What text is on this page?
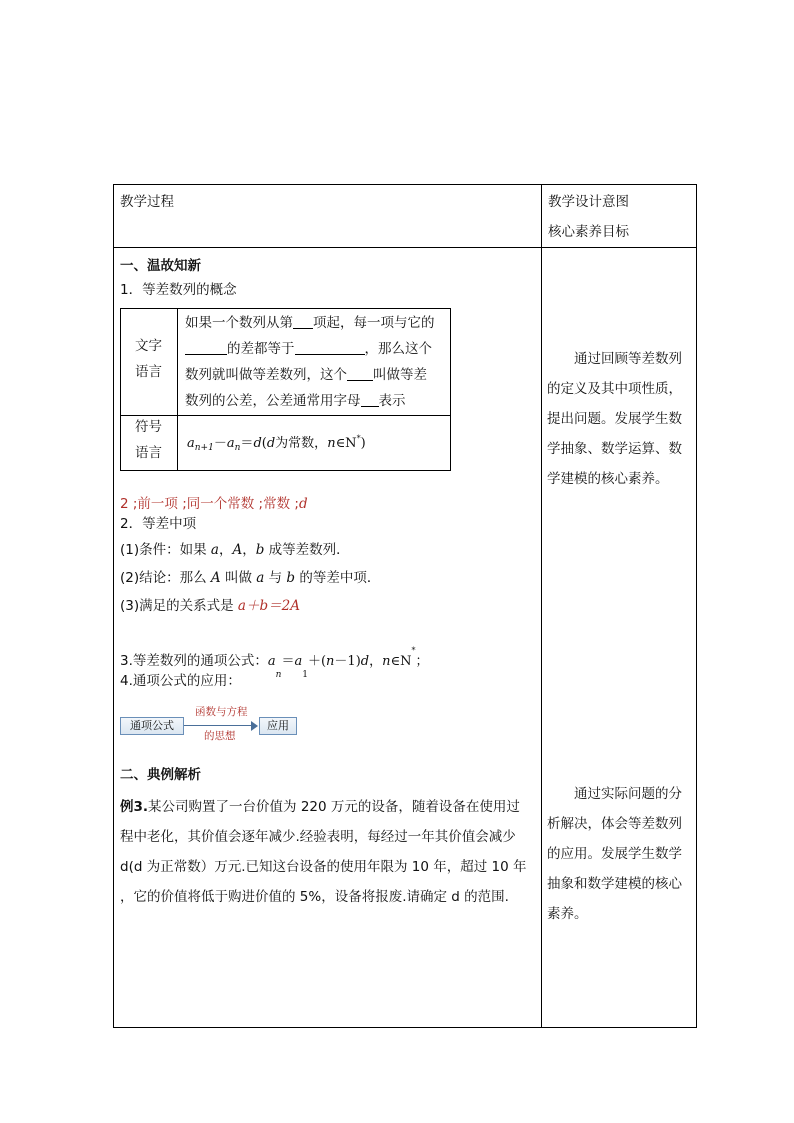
教学过程	教学设计意图
核心素养目标
一、温故知新
1．等差数列的概念
文字
语言
如果一个数列从第 项起，每一项与它的
的差都等于	，那么这个
数列就叫做等差数列，这个 叫做等差
数列的公差，公差通常用字母 表示
符号
语言
$a_{n+1}-a_n=d(d$为常数，n∈N*)
2 ;前一项 ;同一个常数 ;常数 ;d
2．等差中项
(1)条件：如果 a，A，b 成等差数列．
(2)结论：那么 A 叫做 a 与 b 的等差中项．
(3)满足的关系式是 a＋b＝2A
3.等差数列的通项公式：$a_n=a_1+(n-1)d$，n∈N*；
4.通项公式的应用：
通项公式
函数与方程
的思想
应用
二、典例解析
例3.某公司购置了一台价值为 220 万元的设备，随着设备在使用过程中老化，其价值会逐年减少.经验表明，每经过一年其价值会减少 d(d 为正常数）万元.已知这台设备的使用年限为 10 年，超过 10 年 ，它的价值将低于购进价值的 5%，设备将报废.请确定 d 的范围.
通过回顾等差数列的定义及其中项性质，提出问题。发展学生数学抽象、数学运算、数学建模的核心素养。
通过实际问题的分析解决，体会等差数列的应用。发展学生数学抽象和数学建模的核心素养。
